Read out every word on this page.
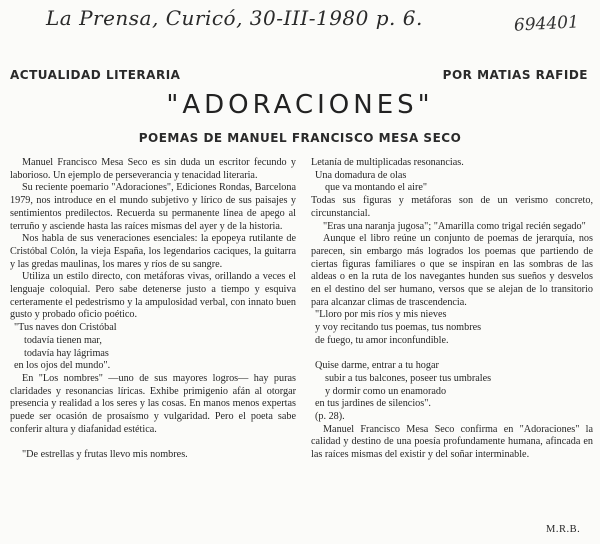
La Prensa, Curicó, 30-III-1980 p. 6.	694401
ACTUALIDAD LITERARIA	POR MATIAS RAFIDE
"ADORACIONES"
POEMAS DE MANUEL FRANCISCO MESA SECO

Manuel Francisco Mesa Seco es sin duda un escritor fecundo y laborioso. Un ejemplo de perseverancia y tenacidad literaria.

Su reciente poemario "Adoraciones", Ediciones Rondas, Barcelona 1979, nos introduce en el mundo subjetivo y lírico de sus paisajes y sentimientos predilectos. Recuerda su permanente línea de apego al terruño y asciende hasta las raíces mismas del ayer y de la historia.

Nos habla de sus veneraciones esenciales: la epopeya rutilante de Cristóbal Colón, la vieja España, los legendarios caciques, la guitarra y las gredas maulinas, los mares y ríos de su sangre.

Utiliza un estilo directo, con metáforas vivas, orillando a veces el lenguaje coloquial. Pero sabe detenerse justo a tiempo y esquiva certeramente el pedestrismo y la ampulosidad verbal, con innato buen gusto y probado oficio poético.

"Tus naves don Cristóbal

todavía tienen mar,

todavía hay lágrimas

en los ojos del mundo".

En "Los nombres" —uno de sus mayores logros— hay puras claridades y resonancias líricas. Exhibe primigenio afán al otorgar presencia y realidad a los seres y las cosas. En manos menos expertas puede ser ocasión de prosaísmo y vulgaridad. Pero el poeta sabe conferir altura y diafanidad estética.

"De estrellas y frutas llevo mis nombres.

Letanía de multiplicadas resonancias.

Una domadura de olas

que va montando el aire"

Todas sus figuras y metáforas son de un verismo concreto, circunstancial.

"Eras una naranja jugosa"; "Amarilla como trigal recién segado"

Aunque el libro reúne un conjunto de poemas de jerarquía, nos parecen, sin embargo más logrados los poemas que partiendo de ciertas figuras familiares o que se inspiran en las sombras de las aldeas o en la ruta de los navegantes hunden sus sueños y desvelos en el destino del ser humano, versos que se alejan de lo transitorio para alcanzar climas de trascendencia.

"Lloro por mis ríos y mis nieves

y voy recitando tus poemas, tus nombres

de fuego, tu amor inconfundible.

Quise darme, entrar a tu hogar

subir a tus balcones, poseer tus umbrales

y dormir como un enamorado

en tus jardines de silencios".

(p. 28).

Manuel Francisco Mesa Seco confirma en "Adoraciones" la calidad y destino de una poesía profundamente humana, afincada en las raíces mismas del existir y del soñar interminable.

M.R.B.
